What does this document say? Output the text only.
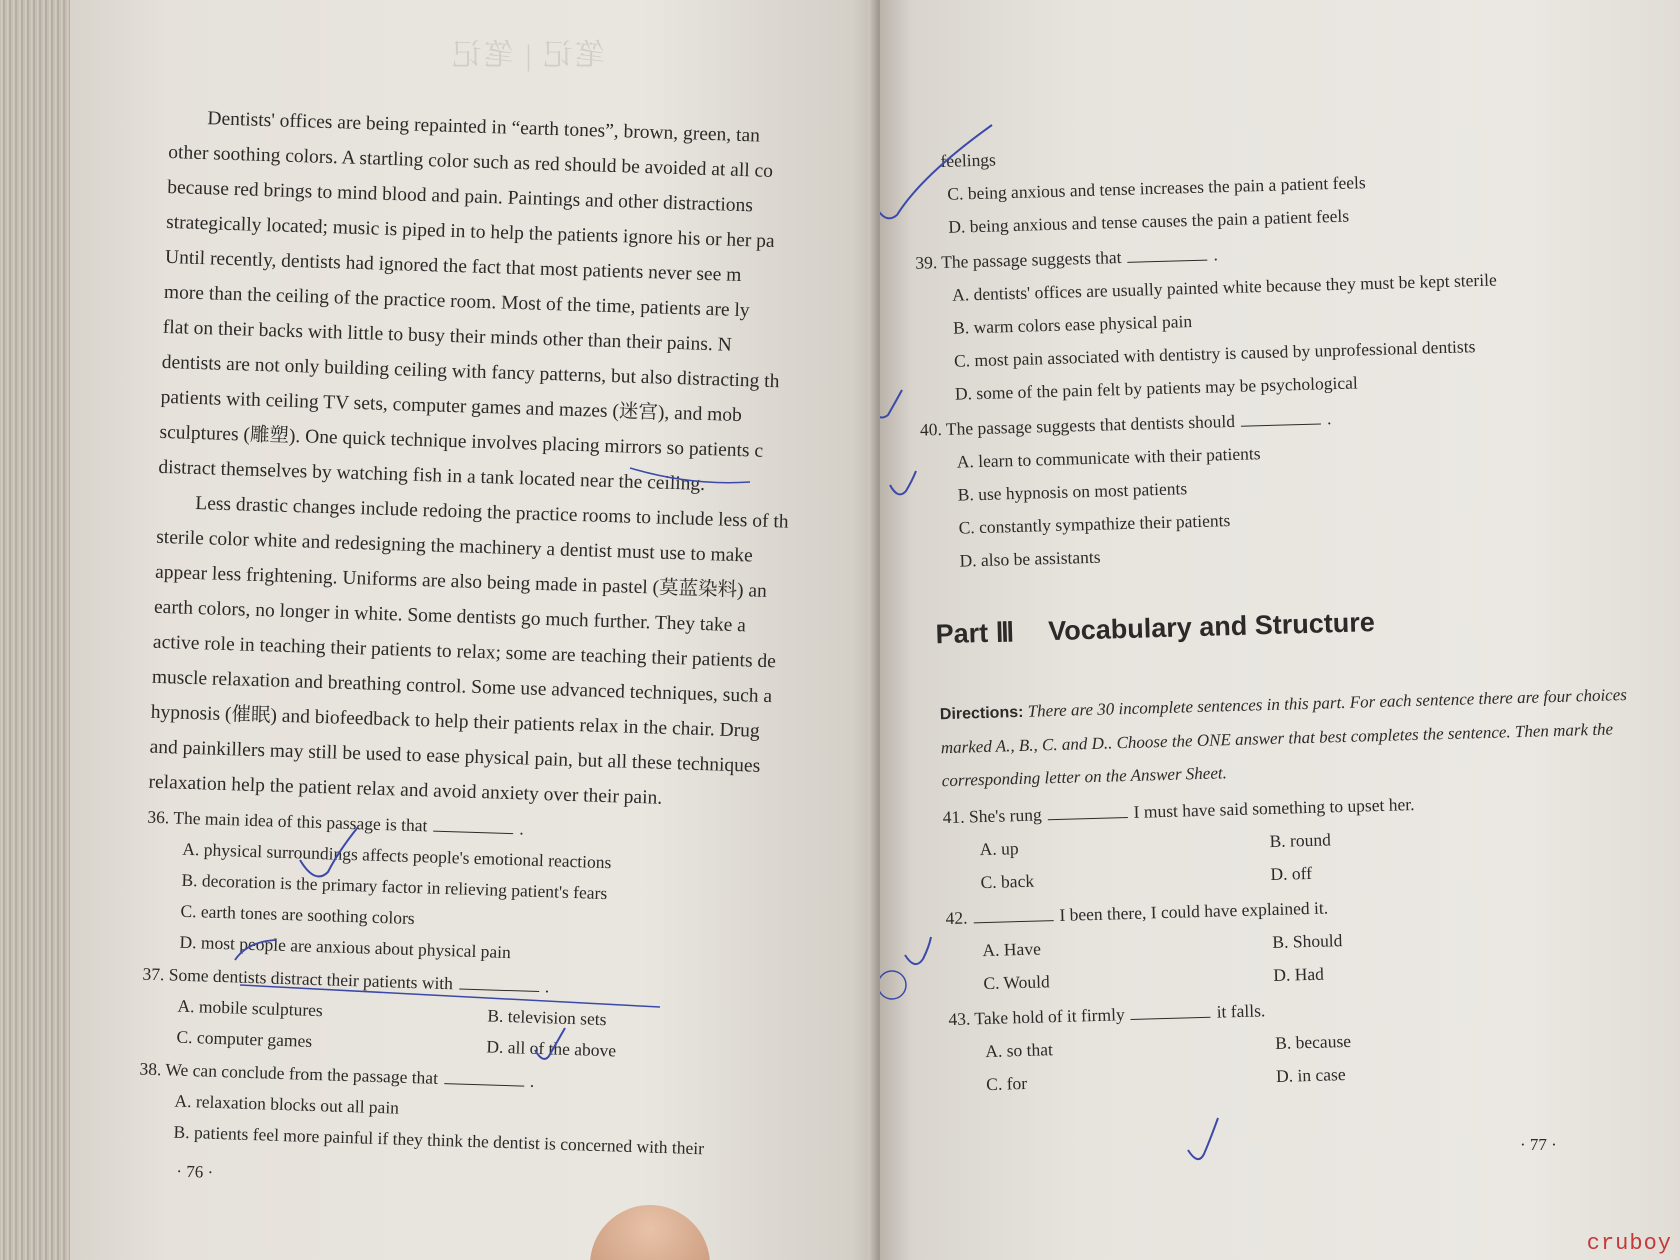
笔记 | 笔记

Dentists' offices are being repainted in “earth tones”, brown, green, tan

other soothing colors. A startling color such as red should be avoided at all co

because red brings to mind blood and pain. Paintings and other distractions

strategically located; music is piped in to help the patients ignore his or her pa

Until recently, dentists had ignored the fact that most patients never see m

more than the ceiling of the practice room. Most of the time, patients are ly

flat on their backs with little to busy their minds other than their pains. N

dentists are not only building ceiling with fancy patterns, but also distracting th

patients with ceiling TV sets, computer games and mazes (迷宫), and mob

sculptures (雕塑). One quick technique involves placing mirrors so patients c

distract themselves by watching fish in a tank located near the ceiling.

Less drastic changes include redoing the practice rooms to include less of th

sterile color white and redesigning the machinery a dentist must use to make

appear less frightening. Uniforms are also being made in pastel (莫蓝染料) an

earth colors, no longer in white. Some dentists go much further. They take a

active role in teaching their patients to relax; some are teaching their patients de

muscle relaxation and breathing control. Some use advanced techniques, such a

hypnosis (催眠) and biofeedback to help their patients relax in the chair. Drug

and painkillers may still be used to ease physical pain, but all these techniques

relaxation help the patient relax and avoid anxiety over their pain.

36. The main idea of this passage is that	.

A. physical surroundings affects people's emotional reactions
B. decoration is the primary factor in relieving patient's fears
C. earth tones are soothing colors
D. most people are anxious about physical pain

37. Some dentists distract their patients with	.

A. mobile sculptures	B. television sets
C. computer games	D. all of the above

38. We can conclude from the passage that	.

A. relaxation blocks out all pain
B. patients feel more painful if they think the dentist is concerned with their
· 76 ·
feelings
C. being anxious and tense increases the pain a patient feels
D. being anxious and tense causes the pain a patient feels

39. The passage suggests that	.

A. dentists' offices are usually painted white because they must be kept sterile
B. warm colors ease physical pain
C. most pain associated with dentistry is caused by unprofessional dentists
D. some of the pain felt by patients may be psychological

40. The passage suggests that dentists should	.

A. learn to communicate with their patients
B. use hypnosis on most patients
C. constantly sympathize their patients
D. also be assistants
Part Ⅲ Vocabulary and Structure
Directions: There are 30 incomplete sentences in this part. For each sentence there are four choices marked A., B., C. and D.. Choose the ONE answer that best completes the sentence. Then mark the corresponding letter on the Answer Sheet.

41. She's rung	I must have said something to upset her.

A. up	B. round
C. back	D. off

42.	I been there, I could have explained it.

A. Have	B. Should
C. Would	D. Had

43. Take hold of it firmly	it falls.

A. so that	B. because
C. for	D. in case
· 77 ·
cruboy
